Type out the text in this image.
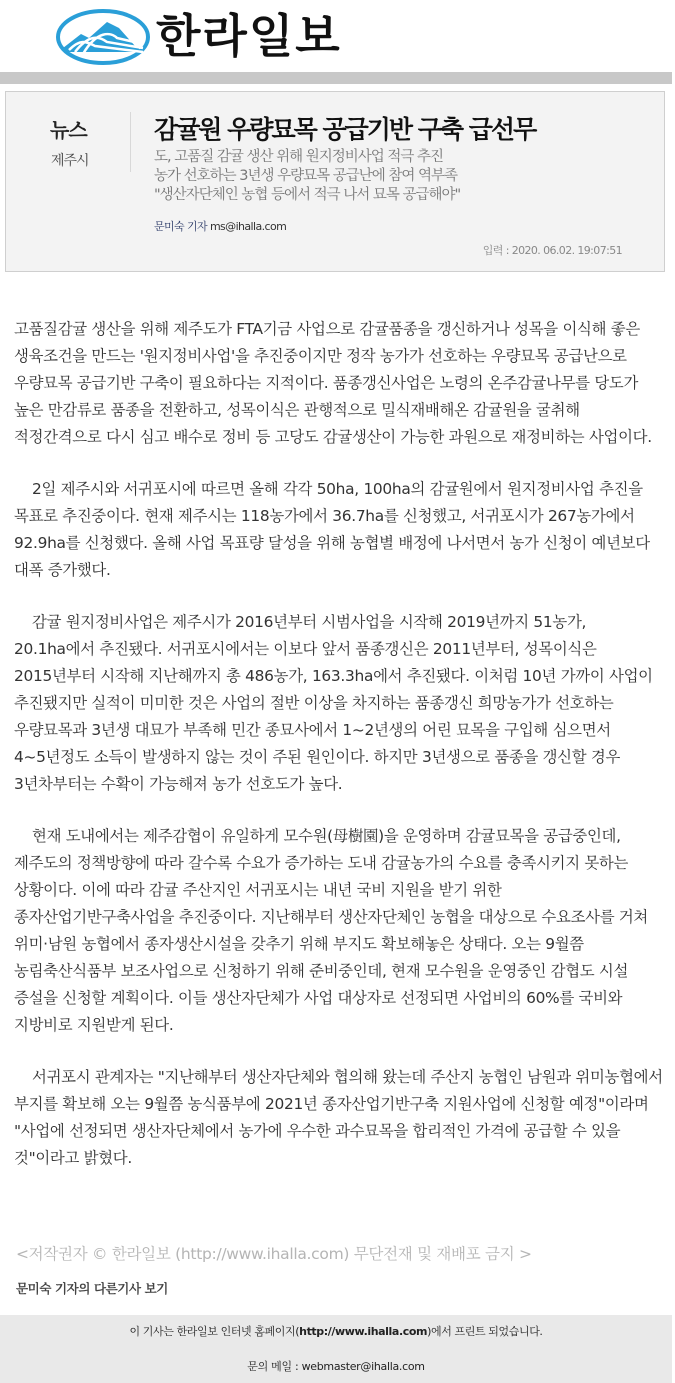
한라일보
뉴스
제주시
감귤원 우량묘목 공급기반 구축 급선무
도, 고품질 감귤 생산 위해 원지정비사업 적극 추진
농가 선호하는 3년생 우량묘목 공급난에 참여 역부족
"생산자단체인 농협 등에서 적극 나서 묘목 공급해야"
문미숙 기자 ms@ihalla.com
입력 : 2020. 06.02. 19:07:51

고품질감귤 생산을 위해 제주도가 FTA기금 사업으로 감귤품종을 갱신하거나 성목을 이식해 좋은 생육조건을 만드는 '원지정비사업'을 추진중이지만 정작 농가가 선호하는 우량묘목 공급난으로 우량묘목 공급기반 구축이 필요하다는 지적이다. 품종갱신사업은 노령의 온주감귤나무를 당도가 높은 만감류로 품종을 전환하고, 성목이식은 관행적으로 밀식재배해온 감귤원을 굴취해 적정간격으로 다시 심고 배수로 정비 등 고당도 감귤생산이 가능한 과원으로 재정비하는 사업이다.

2일 제주시와 서귀포시에 따르면 올해 각각 50ha, 100ha의 감귤원에서 원지정비사업 추진을 목표로 추진중이다. 현재 제주시는 118농가에서 36.7ha를 신청했고, 서귀포시가 267농가에서 92.9ha를 신청했다. 올해 사업 목표량 달성을 위해 농협별 배정에 나서면서 농가 신청이 예년보다 대폭 증가했다.

감귤 원지정비사업은 제주시가 2016년부터 시범사업을 시작해 2019년까지 51농가, 20.1ha에서 추진됐다. 서귀포시에서는 이보다 앞서 품종갱신은 2011년부터, 성목이식은 2015년부터 시작해 지난해까지 총 486농가, 163.3ha에서 추진됐다. 이처럼 10년 가까이 사업이 추진됐지만 실적이 미미한 것은 사업의 절반 이상을 차지하는 품종갱신 희망농가가 선호하는 우량묘목과 3년생 대묘가 부족해 민간 종묘사에서 1~2년생의 어린 묘목을 구입해 심으면서 4~5년정도 소득이 발생하지 않는 것이 주된 원인이다. 하지만 3년생으로 품종을 갱신할 경우 3년차부터는 수확이 가능해져 농가 선호도가 높다.

현재 도내에서는 제주감협이 유일하게 모수원(母樹園)을 운영하며 감귤묘목을 공급중인데, 제주도의 정책방향에 따라 갈수록 수요가 증가하는 도내 감귤농가의 수요를 충족시키지 못하는 상황이다. 이에 따라 감귤 주산지인 서귀포시는 내년 국비 지원을 받기 위한 종자산업기반구축사업을 추진중이다. 지난해부터 생산자단체인 농협을 대상으로 수요조사를 거쳐 위미·남원 농협에서 종자생산시설을 갖추기 위해 부지도 확보해놓은 상태다. 오는 9월쯤 농림축산식품부 보조사업으로 신청하기 위해 준비중인데, 현재 모수원을 운영중인 감협도 시설 증설을 신청할 계획이다. 이들 생산자단체가 사업 대상자로 선정되면 사업비의 60%를 국비와 지방비로 지원받게 된다.

서귀포시 관계자는 "지난해부터 생산자단체와 협의해 왔는데 주산지 농협인 남원과 위미농협에서 부지를 확보해 오는 9월쯤 농식품부에 2021년 종자산업기반구축 지원사업에 신청할 예정"이라며 "사업에 선정되면 생산자단체에서 농가에 우수한 과수묘목을 합리적인 가격에 공급할 수 있을 것"이라고 밝혔다.

<저작권자 © 한라일보 (http://www.ihalla.com) 무단전재 및 재배포 금지 >
문미숙 기자의 다른기사 보기
이 기사는 한라일보 인터넷 홈페이지(http://www.ihalla.com)에서 프린트 되었습니다.
문의 메일 : webmaster@ihalla.com
